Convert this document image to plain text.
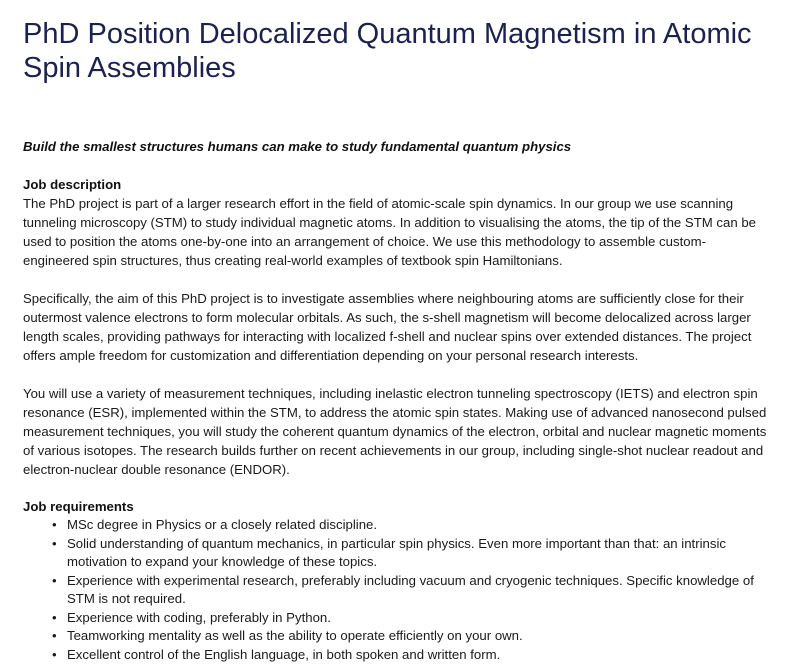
PhD Position Delocalized Quantum Magnetism in Atomic Spin Assemblies

Build the smallest structures humans can make to study fundamental quantum physics

Job description

The PhD project is part of a larger research effort in the field of atomic-scale spin dynamics. In our group we use scanning tunneling microscopy (STM) to study individual magnetic atoms. In addition to visualising the atoms, the tip of the STM can be used to position the atoms one-by-one into an arrangement of choice. We use this methodology to assemble custom-engineered spin structures, thus creating real-world examples of textbook spin Hamiltonians.

Specifically, the aim of this PhD project is to investigate assemblies where neighbouring atoms are sufficiently close for their outermost valence electrons to form molecular orbitals. As such, the s-shell magnetism will become delocalized across larger length scales, providing pathways for interacting with localized f-shell and nuclear spins over extended distances. The project offers ample freedom for customization and differentiation depending on your personal research interests.

You will use a variety of measurement techniques, including inelastic electron tunneling spectroscopy (IETS) and electron spin resonance (ESR), implemented within the STM, to address the atomic spin states. Making use of advanced nanosecond pulsed measurement techniques, you will study the coherent quantum dynamics of the electron, orbital and nuclear magnetic moments of various isotopes. The research builds further on recent achievements in our group, including single-shot nuclear readout and electron-nuclear double resonance (ENDOR).

Job requirements
• MSc degree in Physics or a closely related discipline.
• Solid understanding of quantum mechanics, in particular spin physics. Even more important than that: an intrinsic motivation to expand your knowledge of these topics.
• Experience with experimental research, preferably including vacuum and cryogenic techniques. Specific knowledge of STM is not required.
• Experience with coding, preferably in Python.
• Teamworking mentality as well as the ability to operate efficiently on your own.
• Excellent control of the English language, in both spoken and written form.
